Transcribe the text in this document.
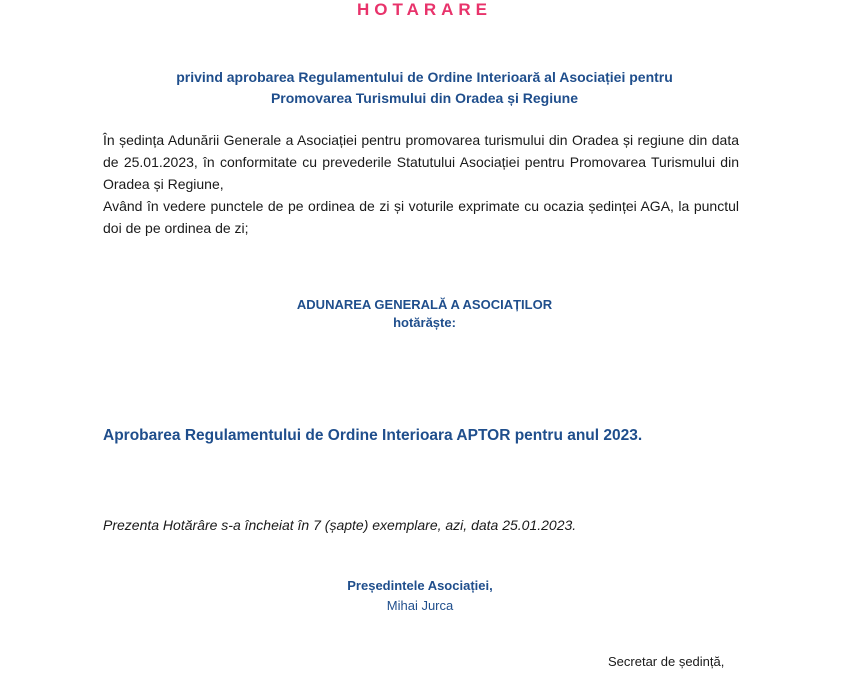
HOTARARE
privind aprobarea Regulamentului de Ordine Interioară al Asociației pentru
Promovarea Turismului din Oradea și Regiune

În ședința Adunării Generale a Asociației pentru promovarea turismului din Oradea și regiune din data de 25.01.2023, în conformitate cu prevederile Statutului Asociației pentru Promovarea Turismului din Oradea și Regiune,

Având în vedere punctele de pe ordinea de zi și voturile exprimate cu ocazia ședinței AGA, la punctul doi de pe ordinea de zi;

ADUNAREA GENERALĂ A ASOCIAȚILOR
hotărăște:
Aprobarea Regulamentului de Ordine Interioara APTOR pentru anul 2023.
Prezenta Hotărâre s-a încheiat în 7 (șapte) exemplare, azi, data 25.01.2023.
Președintele Asociației,
Mihai Jurca
Secretar de ședință,
